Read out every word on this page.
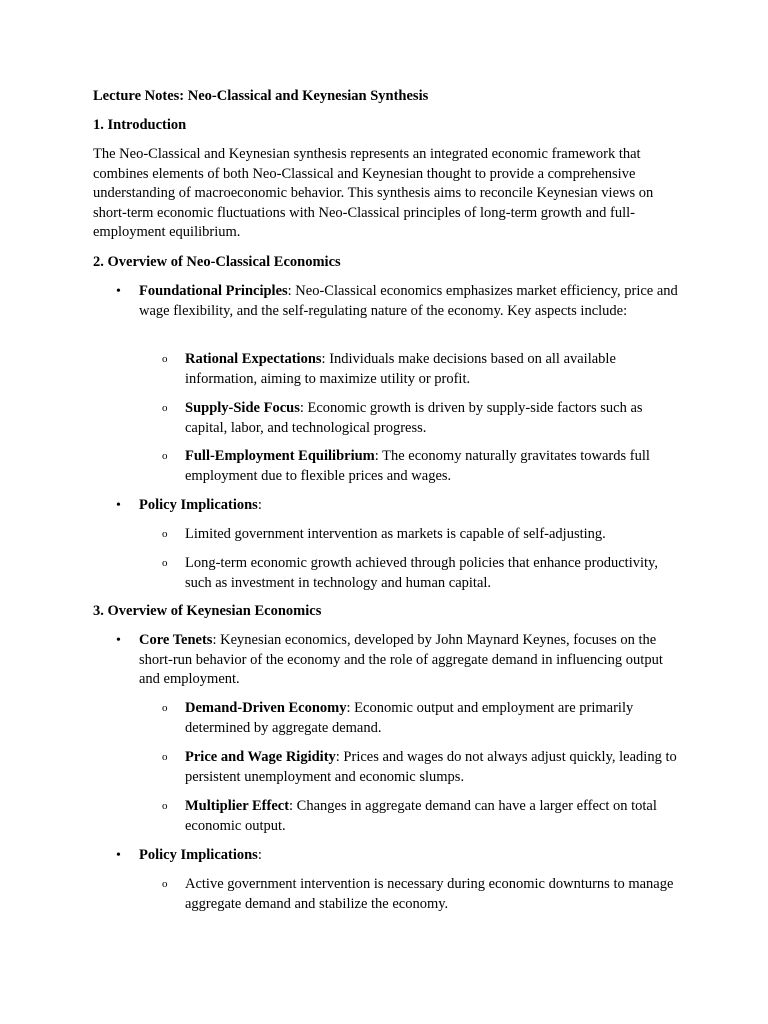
Lecture Notes: Neo-Classical and Keynesian Synthesis

1. Introduction

The Neo-Classical and Keynesian synthesis represents an integrated economic framework that combines elements of both Neo-Classical and Keynesian thought to provide a comprehensive understanding of macroeconomic behavior. This synthesis aims to reconcile Keynesian views on short-term economic fluctuations with Neo-Classical principles of long-term growth and full-employment equilibrium.

2. Overview of Neo-Classical Economics

• Foundational Principles: Neo-Classical economics emphasizes market efficiency, price and wage flexibility, and the self-regulating nature of the economy. Key aspects include:

o Rational Expectations: Individuals make decisions based on all available information, aiming to maximize utility or profit.

o Supply-Side Focus: Economic growth is driven by supply-side factors such as capital, labor, and technological progress.

o Full-Employment Equilibrium: The economy naturally gravitates towards full employment due to flexible prices and wages.

• Policy Implications:

o Limited government intervention as markets is capable of self-adjusting.

o Long-term economic growth achieved through policies that enhance productivity, such as investment in technology and human capital.

3. Overview of Keynesian Economics

• Core Tenets: Keynesian economics, developed by John Maynard Keynes, focuses on the short-run behavior of the economy and the role of aggregate demand in influencing output and employment.

o Demand-Driven Economy: Economic output and employment are primarily determined by aggregate demand.

o Price and Wage Rigidity: Prices and wages do not always adjust quickly, leading to persistent unemployment and economic slumps.

o Multiplier Effect: Changes in aggregate demand can have a larger effect on total economic output.

• Policy Implications:

o Active government intervention is necessary during economic downturns to manage aggregate demand and stabilize the economy.
